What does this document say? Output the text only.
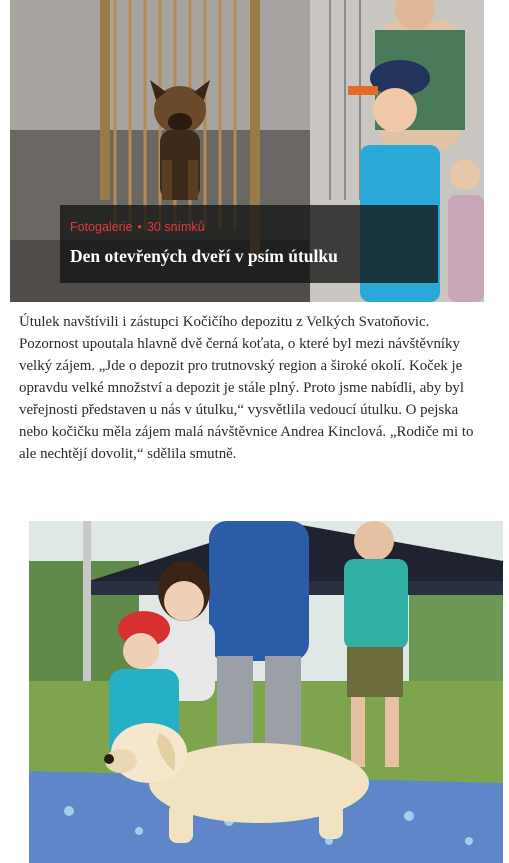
Fotogalerie • 30 snímků
Den otevřených dveří v psím útulku

Útulek navštívili i zástupci Kočičího depozitu z Velkých Svatoňovic. Pozornost upoutala hlavně dvě černá koťata, o které byl mezi návštěvníky velký zájem. „Jde o depozit pro trutnovský region a široké okolí. Koček je opravdu velké množství a depozit je stále plný. Proto jsme nabídli, aby byl veřejnosti představen u nás v útulku,“ vysvětlila vedoucí útulku. O pejska nebo kočičku měla zájem malá návštěvnice Andrea Kinclová. „Rodiče mi to ale nechtějí dovolit,“ sdělila smutně.
